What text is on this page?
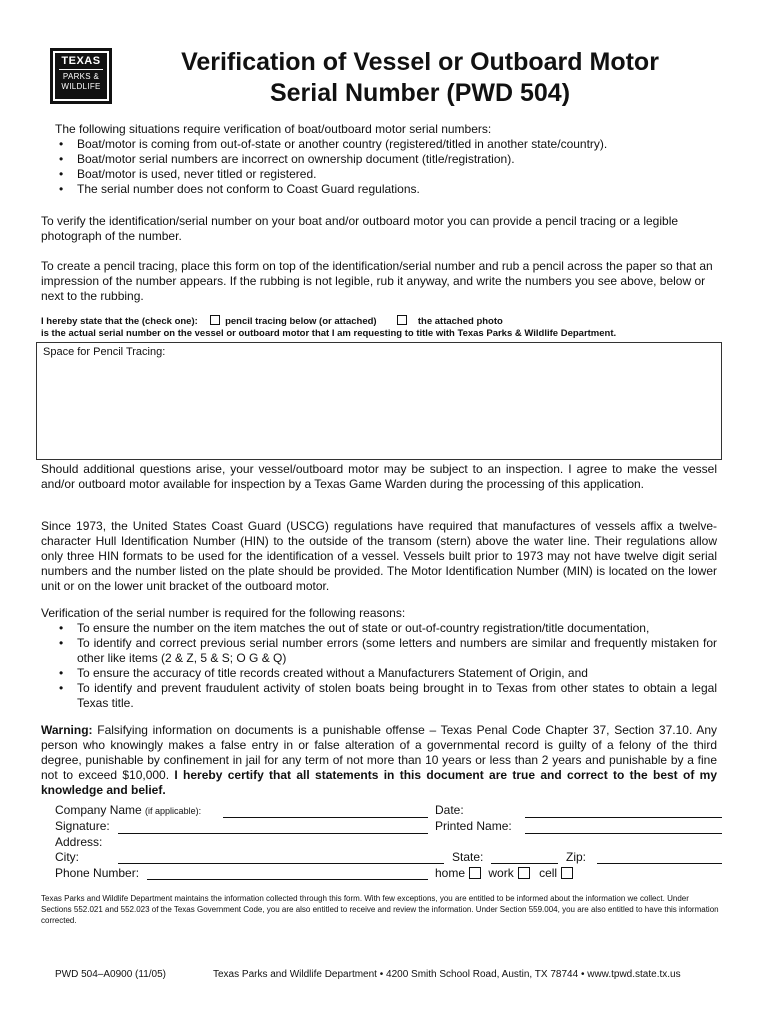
TEXAS
PARKS &
WILDLIFE
Verification of Vessel or Outboard Motor
Serial Number (PWD 504)
The following situations require verification of boat/outboard motor serial numbers:
• Boat/motor is coming from out-of-state or another country (registered/titled in another state/country).
• Boat/motor serial numbers are incorrect on ownership document (title/registration).
• Boat/motor is used, never titled or registered.
• The serial number does not conform to Coast Guard regulations.
To verify the identification/serial number on your boat and/or outboard motor you can provide a pencil tracing or a legible photograph of the number.
To create a pencil tracing, place this form on top of the identification/serial number and rub a pencil across the paper so that an impression of the number appears. If the rubbing is not legible, rub it anyway, and write the numbers you see above, below or next to the rubbing.
I hereby state that the (check one):	pencil tracing below (or attached)	the attached photo
is the actual serial number on the vessel or outboard motor that I am requesting to title with Texas Parks & Wildlife Department.
Space for Pencil Tracing:
Should additional questions arise, your vessel/outboard motor may be subject to an inspection. I agree to make the vessel and/or outboard motor available for inspection by a Texas Game Warden during the processing of this application.
Since 1973, the United States Coast Guard (USCG) regulations have required that manufactures of vessels affix a twelve-character Hull Identification Number (HIN) to the outside of the transom (stern) above the water line. Their regulations allow only three HIN formats to be used for the identification of a vessel. Vessels built prior to 1973 may not have twelve digit serial numbers and the number listed on the plate should be provided. The Motor Identification Number (MIN) is located on the lower unit or on the lower unit bracket of the outboard motor.
Verification of the serial number is required for the following reasons:
• To ensure the number on the item matches the out of state or out-of-country registration/title documentation,
• To identify and correct previous serial number errors (some letters and numbers are similar and frequently mistaken for other like items (2 & Z, 5 & S; O G & Q)
• To ensure the accuracy of title records created without a Manufacturers Statement of Origin, and
• To identify and prevent fraudulent activity of stolen boats being brought in to Texas from other states to obtain a legal Texas title.
Warning: Falsifying information on documents is a punishable offense – Texas Penal Code Chapter 37, Section 37.10. Any person who knowingly makes a false entry in or false alteration of a governmental record is guilty of a felony of the third degree, punishable by confinement in jail for any term of not more than 10 years or less than 2 years and punishable by a fine not to exceed $10,000. I hereby certify that all statements in this document are true and correct to the best of my knowledge and belief.
Company Name (if applicable):	Date:
Signature:	Printed Name:
Address:
City:	State:	Zip:
Phone Number:	home work cell
Texas Parks and Wildlife Department maintains the information collected through this form. With few exceptions, you are entitled to be informed about the information we collect. Under Sections 552.021 and 552.023 of the Texas Government Code, you are also entitled to receive and review the information. Under Section 559.004, you are also entitled to have this information corrected.
PWD 504–A0900 (11/05)	Texas Parks and Wildlife Department • 4200 Smith School Road, Austin, TX 78744 • www.tpwd.state.tx.us
